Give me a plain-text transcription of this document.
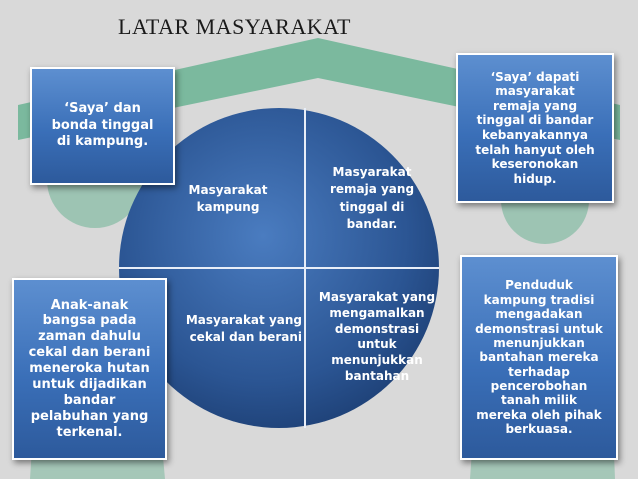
LATAR MASYARAKAT
Masyarakat
kampung
Masyarakat
remaja yang
tinggal di
bandar.
Masyarakat yang
cekal dan berani
Masyarakat yang
mengamalkan
demonstrasi
untuk
menunjukkan
bantahan
‘Saya’ dan
bonda tinggal
di kampung.
‘Saya’ dapati
masyarakat
remaja yang
tinggal di bandar
kebanyakannya
telah hanyut oleh
keseronokan
hidup.
Anak-anak
bangsa pada
zaman dahulu
cekal dan berani
meneroka hutan
untuk dijadikan
bandar
pelabuhan yang
terkenal.
Penduduk
kampung tradisi
mengadakan
demonstrasi untuk
menunjukkan
bantahan mereka
terhadap
pencerobohan
tanah milik
mereka oleh pihak
berkuasa.
